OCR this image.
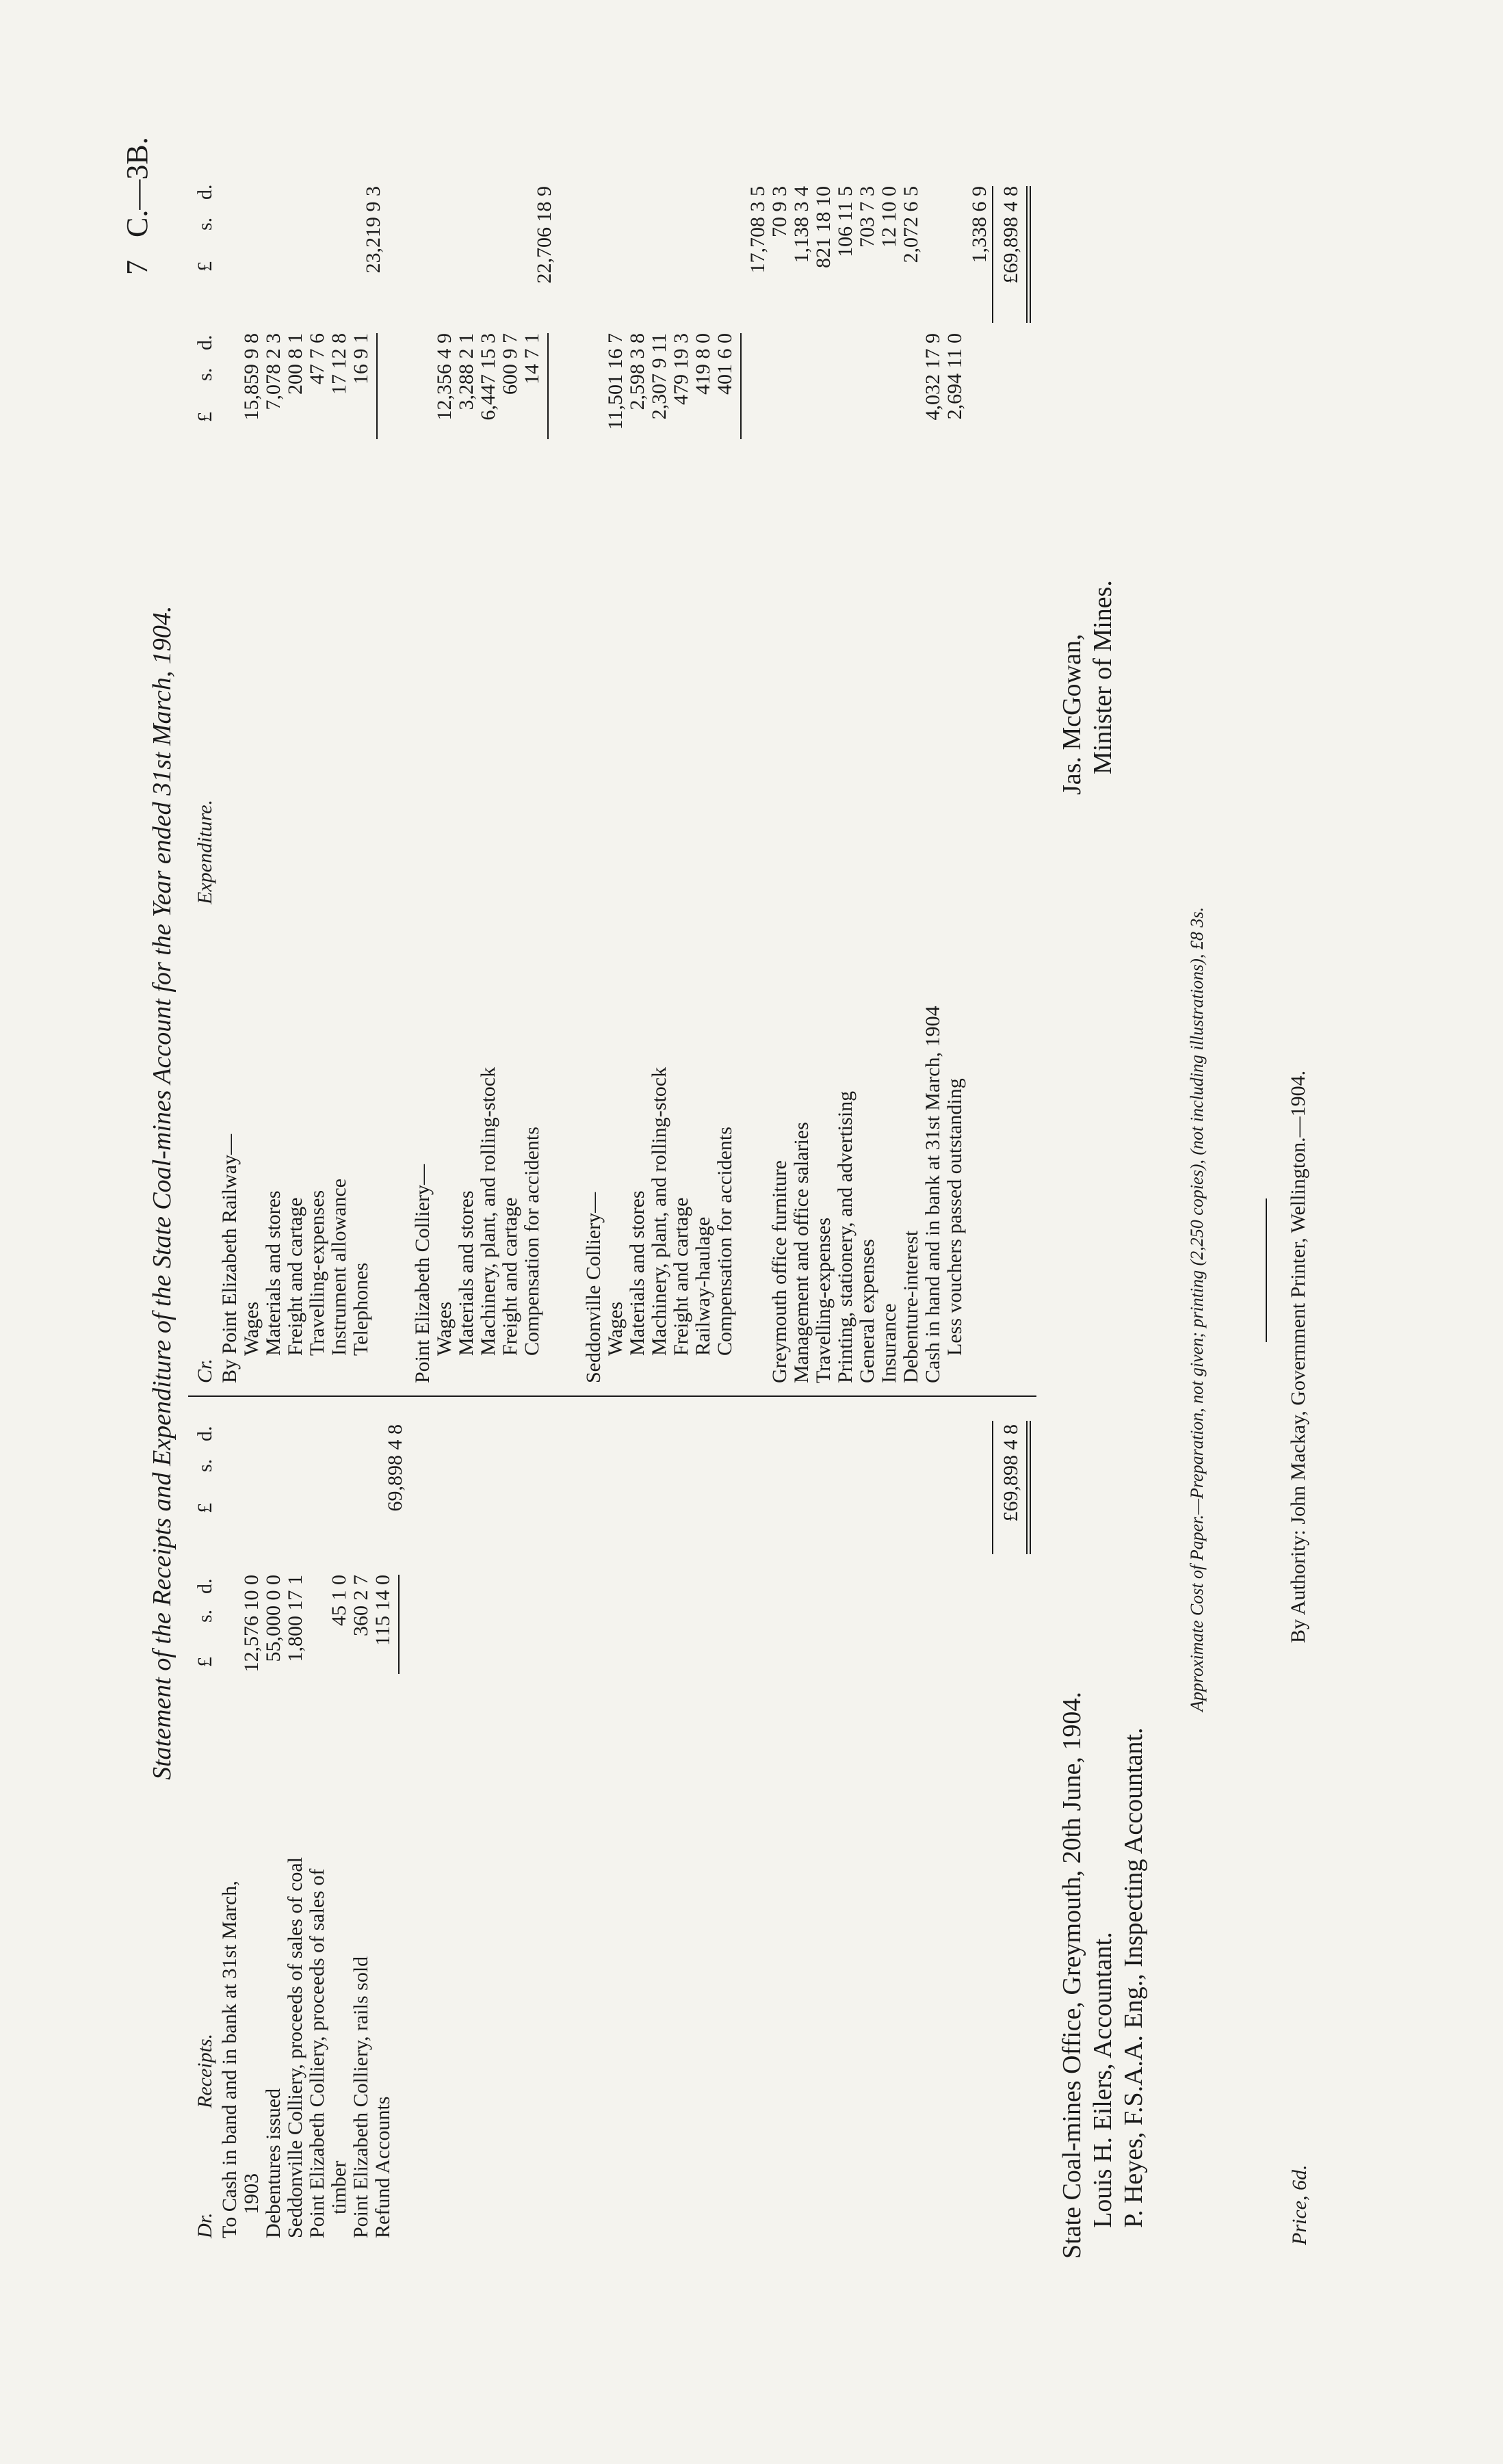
7
C.—3B.
Statement of the Receipts and Expenditure of the State Coal-mines Account for the Year ended 31st March, 1904.
Dr.
Receipts.
£
s.
d.
£
s.
d.
To Cash in band and in bank at 31st March, 1903
12,576 10 0
Debentures issued
55,000 0 0
Seddonville Colliery, proceeds of sales of coal
1,800 17 1
Point Elizabeth Colliery, proceeds of sales of timber
45 1 0
Point Elizabeth Colliery, rails sold
360 2 7
Refund Accounts
115 14 0
69,898 4 8	£69,898 4 8
Cr.
Expenditure.
£
s.
d.
£
s.
d.
By Point Elizabeth Railway— Wages
15,859 9 8
Materials and stores
7,078 2 3
Freight and cartage
200 8 1
Travelling-expenses
47 7 6
Instrument allowance
17 12 8
Telephones
16 9 1
23,219 9 3
Point Elizabeth Colliery— Wages
12,356 4 9
Materials and stores
3,288 2 1
Machinery, plant, and rolling-stock
6,447 15 3
Freight and cartage
600 9 7
Compensation for accidents
14 7 1
22,706 18 9
Seddonville Colliery— Wages
11,501 16 7
Materials and stores
2,598 3 8
Machinery, plant, and rolling-stock
2,307 9 11
Freight and cartage
479 19 3
Railway-haulage
419 8 0
Compensation for accidents
401 6 0
17,708 3 5
Greymouth office furniture
70 9 3
Management and office salaries
1,138 3 4
Travelling-expenses
821 18 10
Printing, stationery, and advertising
106 11 5
General expenses
703 7 3
Insurance
12 10 0
Debenture-interest
2,072 6 5
Cash in hand and in bank at 31st March, 1904
4,032 17 9
Less vouchers passed outstanding
2,694 11 0
1,338 6 9 £69,898 4 8
State Coal-mines Office, Greymouth, 20th June, 1904. Louis H. Eilers, Accountant. P. Heyes, F.S.A.A. Eng., Inspecting Accountant.
Jas. McGowan, Minister of Mines.
Approximate Cost of Paper.—Preparation, not given; printing (2,250 copies), (not including illustrations), £8 3s.	By Authority: John Mackay, Government Printer, Wellington.—1904.
Price, 6d.
